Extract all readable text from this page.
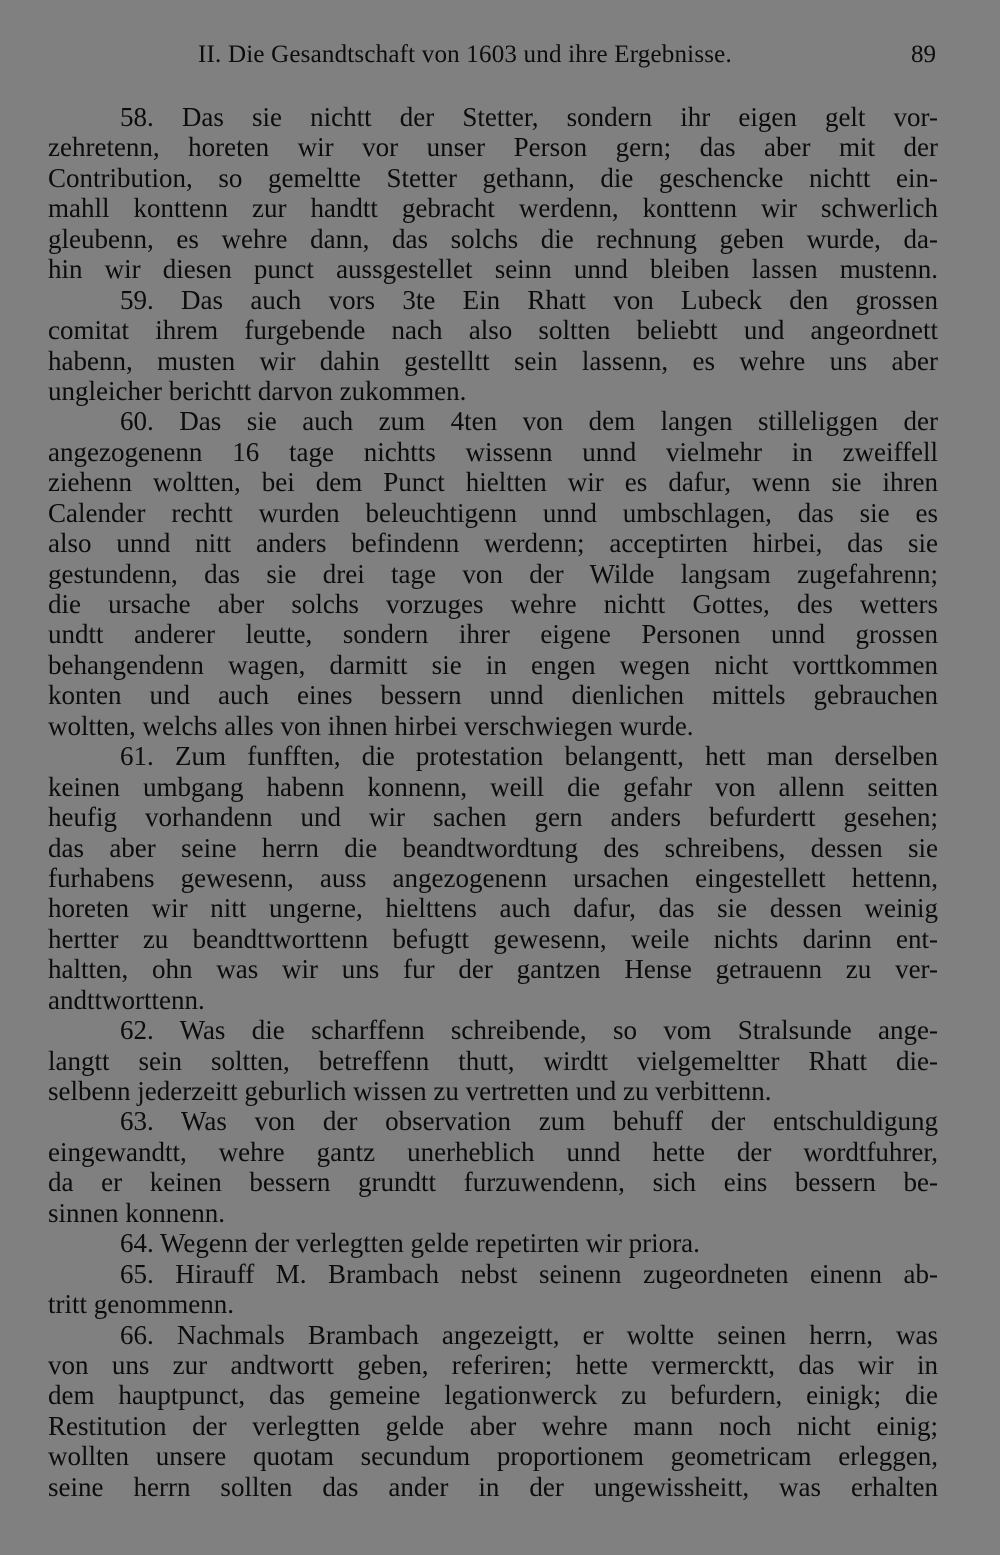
II. Die Gesandtschaft von 1603 und ihre Ergebnisse.	89
58. Das sie nichtt der Stetter, sondern ihr eigen gelt vor-
zehretenn, horeten wir vor unser Person gern; das aber mit der
Contribution, so gemeltte Stetter gethann, die geschencke nichtt ein-
mahll konttenn zur handtt gebracht werdenn, konttenn wir schwerlich
gleubenn, es wehre dann, das solchs die rechnung geben wurde, da-
hin wir diesen punct aussgestellet seinn unnd bleiben lassen mustenn.
59. Das auch vors 3te Ein Rhatt von Lubeck den grossen
comitat ihrem furgebende nach also soltten beliebtt und angeordnett
habenn, musten wir dahin gestelltt sein lassenn, es wehre uns aber
ungleicher berichtt darvon zukommen.
60. Das sie auch zum 4ten von dem langen stilleliggen der
angezogenenn 16 tage nichtts wissenn unnd vielmehr in zweiffell
ziehenn woltten, bei dem Punct hieltten wir es dafur, wenn sie ihren
Calender rechtt wurden beleuchtigenn unnd umbschlagen, das sie es
also unnd nitt anders befindenn werdenn; acceptirten hirbei, das sie
gestundenn, das sie drei tage von der Wilde langsam zugefahrenn;
die ursache aber solchs vorzuges wehre nichtt Gottes, des wetters
undtt anderer leutte, sondern ihrer eigene Personen unnd grossen
behangendenn wagen, darmitt sie in engen wegen nicht vorttkommen
konten und auch eines bessern unnd dienlichen mittels gebrauchen
woltten, welchs alles von ihnen hirbei verschwiegen wurde.
61. Zum funfften, die protestation belangentt, hett man derselben
keinen umbgang habenn konnenn, weill die gefahr von allenn seitten
heufig vorhandenn und wir sachen gern anders befurdertt gesehen;
das aber seine herrn die beandtwordtung des schreibens, dessen sie
furhabens gewesenn, auss angezogenenn ursachen eingestellett hettenn,
horeten wir nitt ungerne, hielttens auch dafur, das sie dessen weinig
hertter zu beandttworttenn befugtt gewesenn, weile nichts darinn ent-
haltten, ohn was wir uns fur der gantzen Hense getrauenn zu ver-
andttworttenn.
62. Was die scharffenn schreibende, so vom Stralsunde ange-
langtt sein soltten, betreffenn thutt, wirdtt vielgemeltter Rhatt die-
selbenn jederzeitt geburlich wissen zu vertretten und zu verbittenn.
63. Was von der observation zum behuff der entschuldigung
eingewandtt, wehre gantz unerheblich unnd hette der wordtfuhrer,
da er keinen bessern grundtt furzuwendenn, sich eins bessern be-
sinnen konnenn.
64. Wegenn der verlegtten gelde repetirten wir priora.
65. Hirauff M. Brambach nebst seinenn zugeordneten einenn ab-
tritt genommenn.
66. Nachmals Brambach angezeigtt, er woltte seinen herrn, was
von uns zur andtwortt geben, referiren; hette vermercktt, das wir in
dem hauptpunct, das gemeine legationwerck zu befurdern, einigk; die
Restitution der verlegtten gelde aber wehre mann noch nicht einig;
wollten unsere quotam secundum proportionem geometricam erleggen,
seine herrn sollten das ander in der ungewissheitt, was erhalten
